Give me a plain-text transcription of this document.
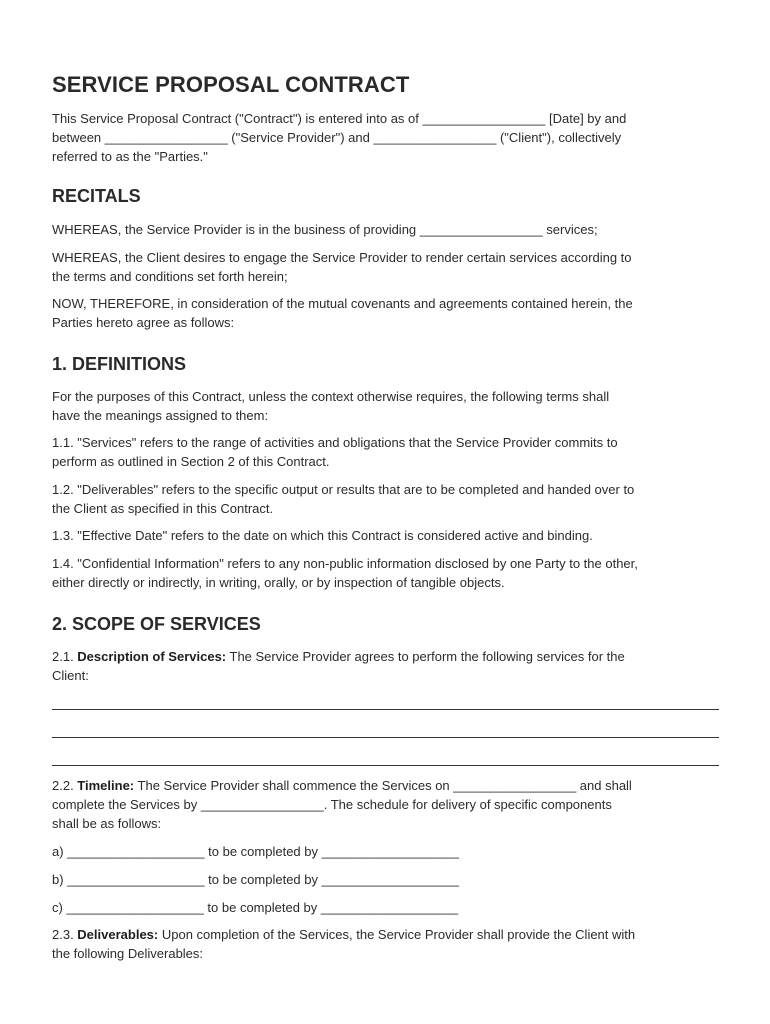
SERVICE PROPOSAL CONTRACT

This Service Proposal Contract ("Contract") is entered into as of _________________ [Date] by and
between _________________ ("Service Provider") and _________________ ("Client"), collectively
referred to as the "Parties."

RECITALS

WHEREAS, the Service Provider is in the business of providing _________________ services;

WHEREAS, the Client desires to engage the Service Provider to render certain services according to
the terms and conditions set forth herein;

NOW, THEREFORE, in consideration of the mutual covenants and agreements contained herein, the
Parties hereto agree as follows:

1. DEFINITIONS

For the purposes of this Contract, unless the context otherwise requires, the following terms shall
have the meanings assigned to them:

1.1. "Services" refers to the range of activities and obligations that the Service Provider commits to
perform as outlined in Section 2 of this Contract.

1.2. "Deliverables" refers to the specific output or results that are to be completed and handed over to
the Client as specified in this Contract.

1.3. "Effective Date" refers to the date on which this Contract is considered active and binding.

1.4. "Confidential Information" refers to any non-public information disclosed by one Party to the other,
either directly or indirectly, in writing, orally, or by inspection of tangible objects.

2. SCOPE OF SERVICES

2.1. Description of Services: The Service Provider agrees to perform the following services for the
Client:

2.2. Timeline: The Service Provider shall commence the Services on _________________ and shall
complete the Services by _________________. The schedule for delivery of specific components
shall be as follows:

a) ___________________ to be completed by ___________________

b) ___________________ to be completed by ___________________

c) ___________________ to be completed by ___________________

2.3. Deliverables: Upon completion of the Services, the Service Provider shall provide the Client with
the following Deliverables:
